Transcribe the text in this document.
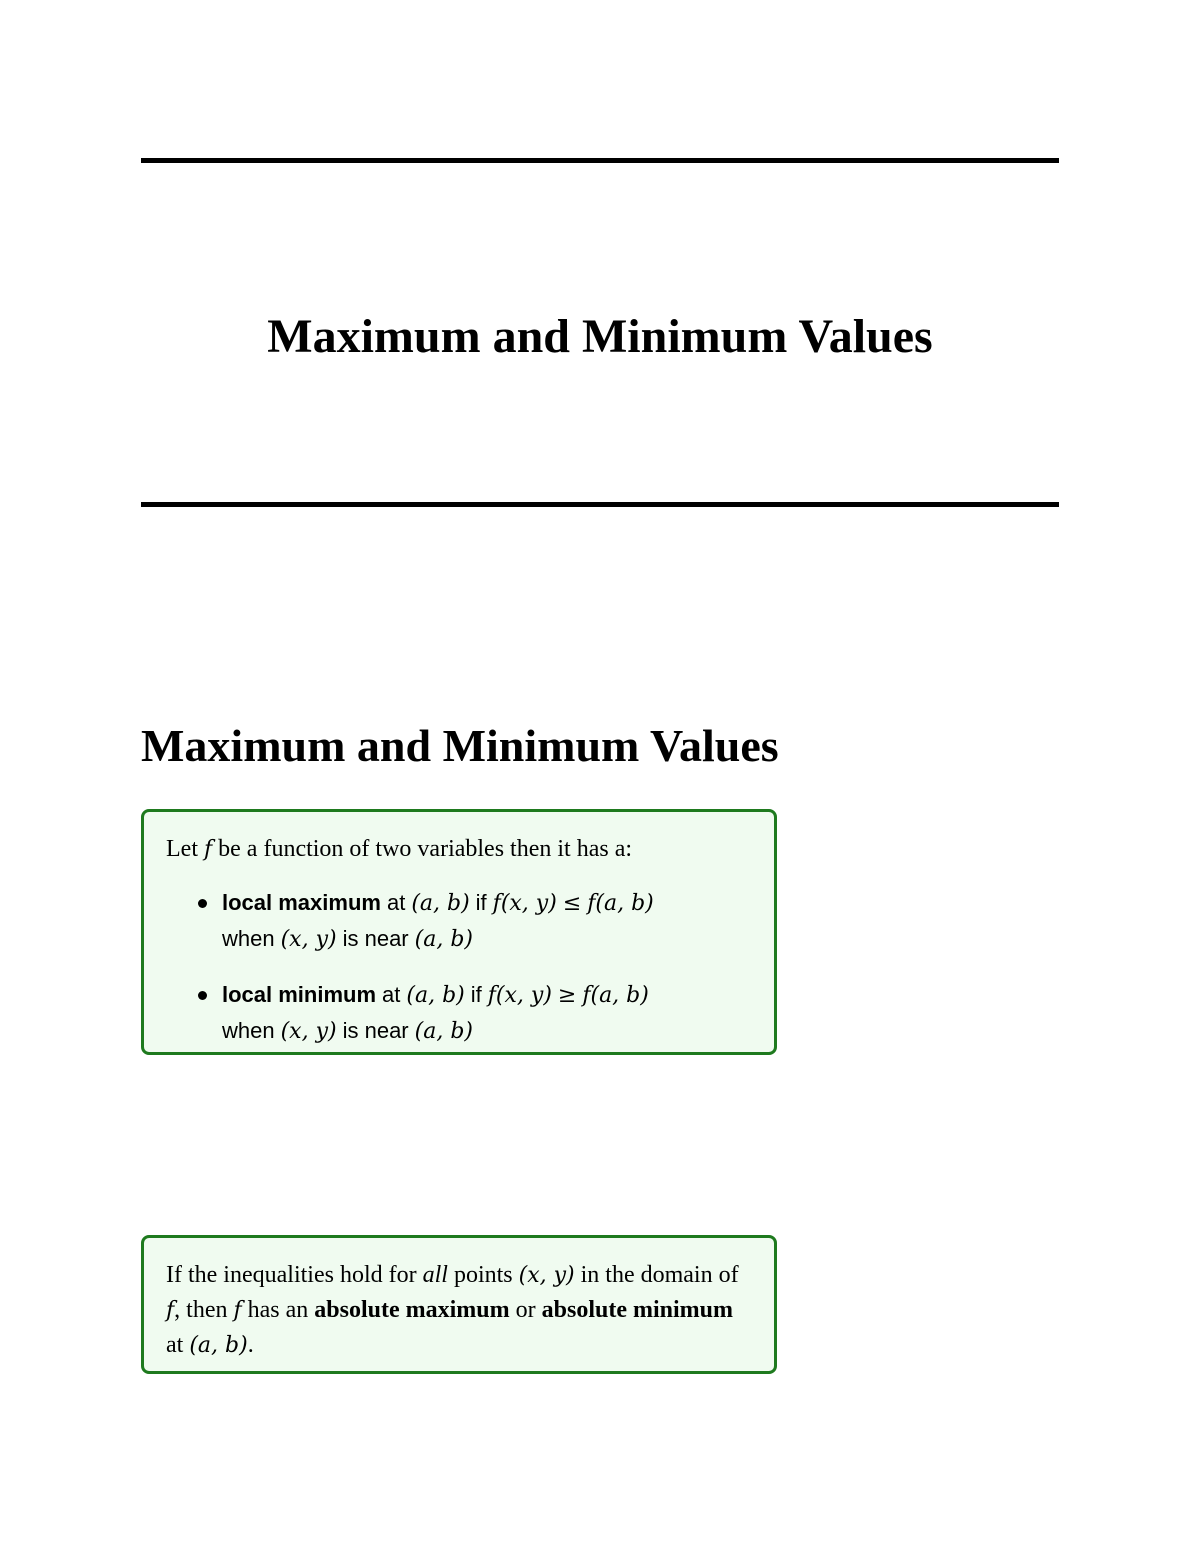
Maximum and Minimum Values
Maximum and Minimum Values

Let f be a function of two variables then it has a:

local maximum at (a, b) if f(x, y) ≤ f(a, b)
when (x, y) is near (a, b)
local minimum at (a, b) if f(x, y) ≥ f(a, b)
when (x, y) is near (a, b)

If the inequalities hold for all points (x, y) in the domain of f, then f has an absolute maximum or absolute minimum at (a, b).
